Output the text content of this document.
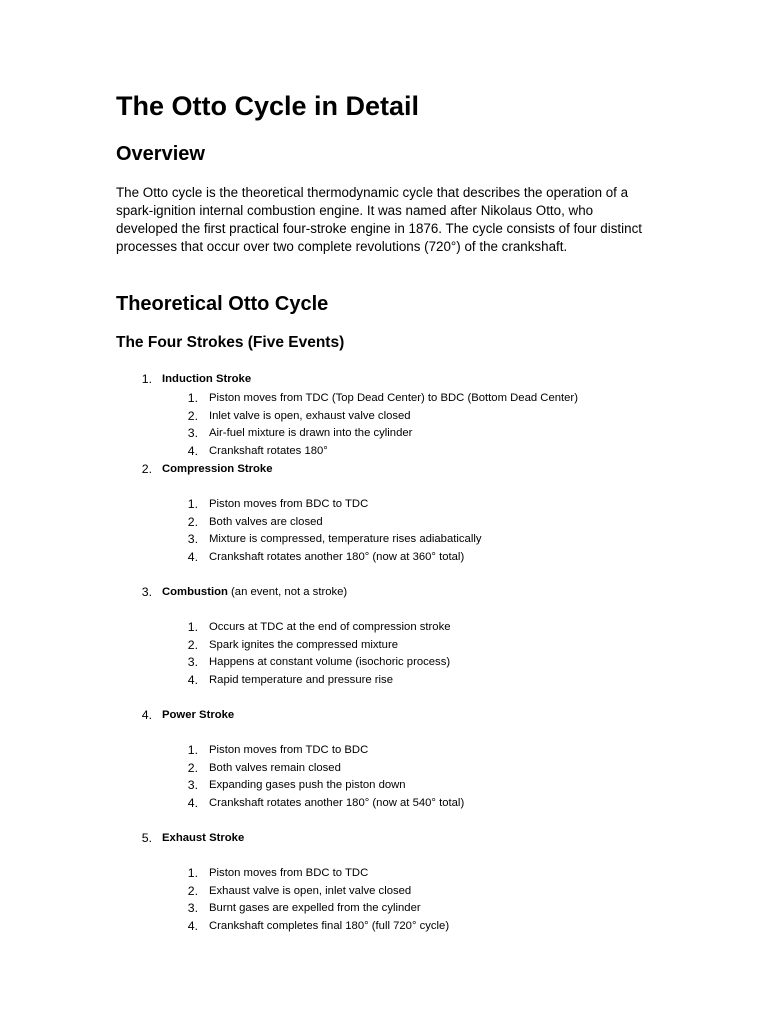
The Otto Cycle in Detail
Overview

The Otto cycle is the theoretical thermodynamic cycle that describes the operation of a spark-ignition internal combustion engine. It was named after Nikolaus Otto, who developed the first practical four-stroke engine in 1876. The cycle consists of four distinct processes that occur over two complete revolutions (720°) of the crankshaft.

Theoretical Otto Cycle
The Four Strokes (Five Events)
1. Induction Stroke
1. Piston moves from TDC (Top Dead Center) to BDC (Bottom Dead Center)
2. Inlet valve is open, exhaust valve closed
3. Air-fuel mixture is drawn into the cylinder
4. Crankshaft rotates 180°
2. Compression Stroke
1. Piston moves from BDC to TDC
2. Both valves are closed
3. Mixture is compressed, temperature rises adiabatically
4. Crankshaft rotates another 180° (now at 360° total)
3. Combustion (an event, not a stroke)
1. Occurs at TDC at the end of compression stroke
2. Spark ignites the compressed mixture
3. Happens at constant volume (isochoric process)
4. Rapid temperature and pressure rise
4. Power Stroke
1. Piston moves from TDC to BDC
2. Both valves remain closed
3. Expanding gases push the piston down
4. Crankshaft rotates another 180° (now at 540° total)
5. Exhaust Stroke
1. Piston moves from BDC to TDC
2. Exhaust valve is open, inlet valve closed
3. Burnt gases are expelled from the cylinder
4. Crankshaft completes final 180° (full 720° cycle)
